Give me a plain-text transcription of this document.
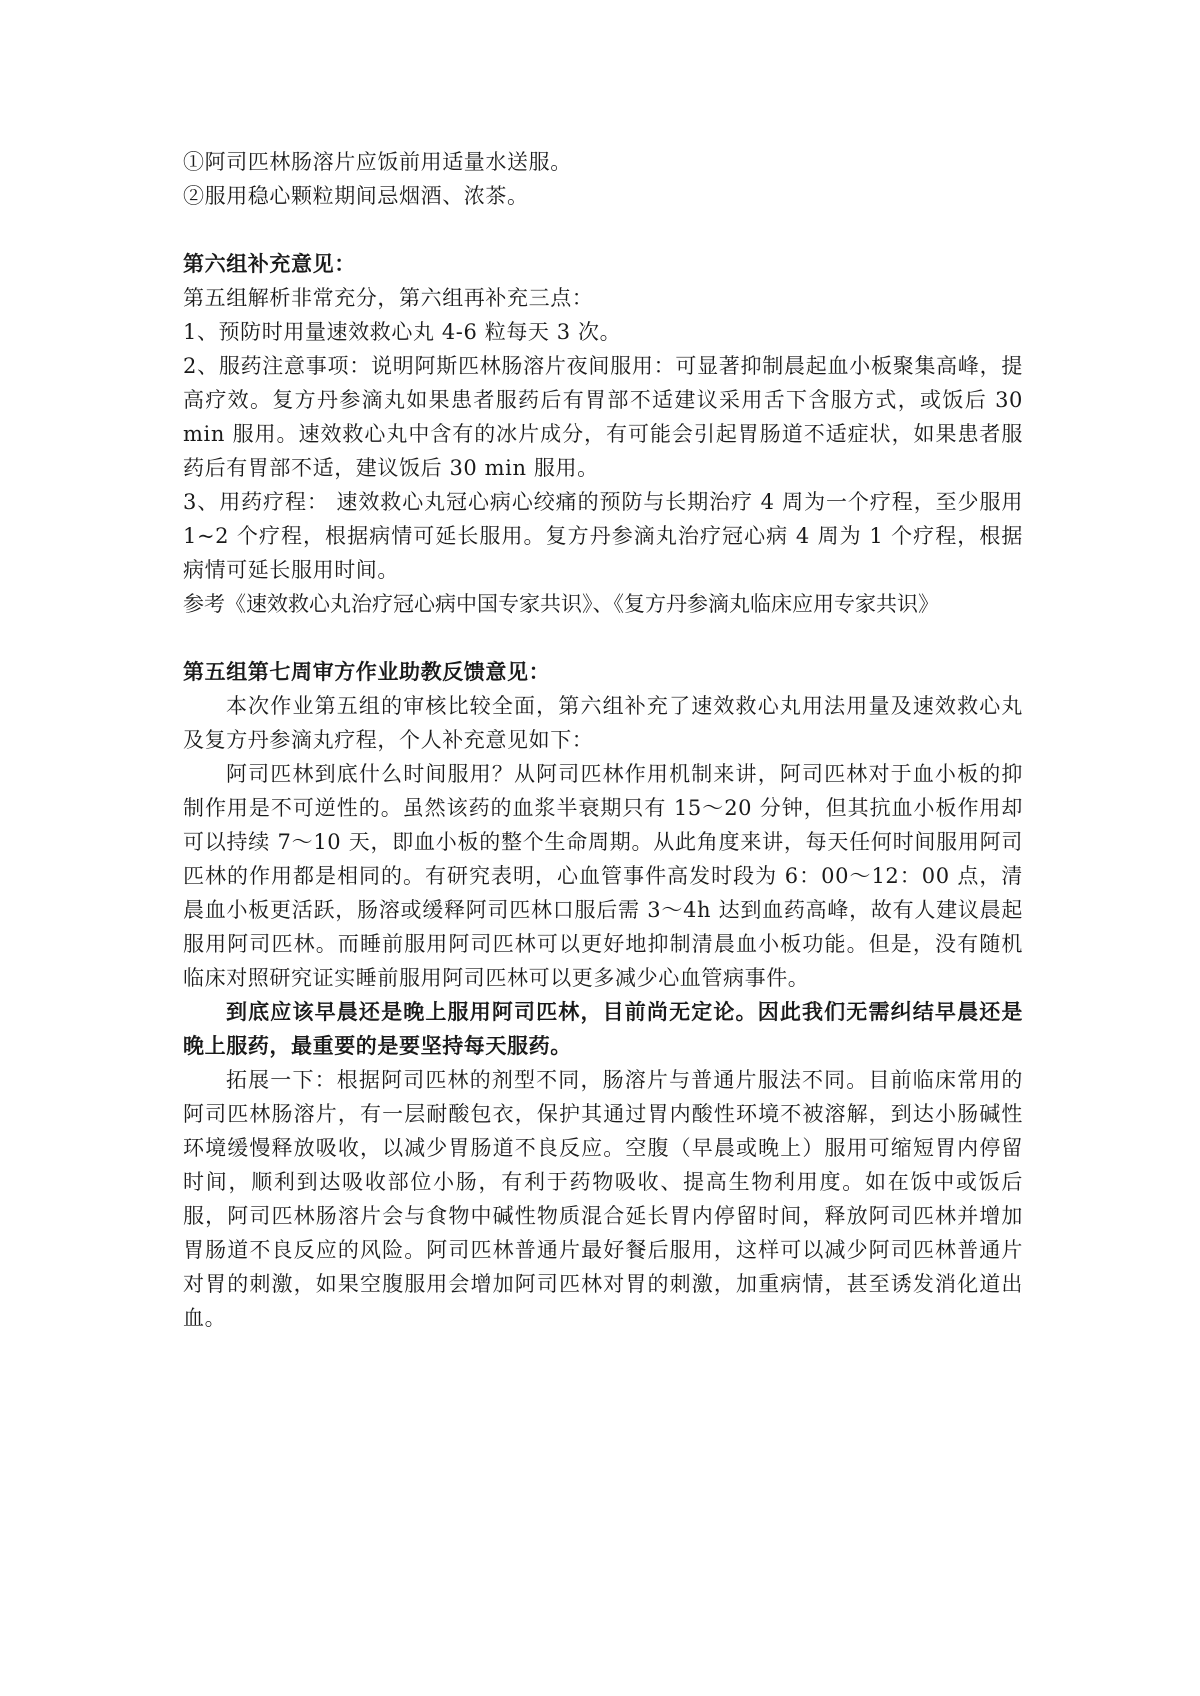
①阿司匹林肠溶片应饭前用适量水送服。

②服用稳心颗粒期间忌烟酒、浓茶。

第六组补充意见：

第五组解析非常充分，第六组再补充三点：

1、预防时用量速效救心丸 4-6 粒每天 3 次。

2、服药注意事项：说明阿斯匹林肠溶片夜间服用：可显著抑制晨起血小板聚集高峰，提高疗效。复方丹参滴丸如果患者服药后有胃部不适建议采用舌下含服方式，或饭后 30 min 服用。速效救心丸中含有的冰片成分，有可能会引起胃肠道不适症状，如果患者服药后有胃部不适，建议饭后 30 min 服用。

3、用药疗程： 速效救心丸冠心病心绞痛的预防与长期治疗 4 周为一个疗程，至少服用 1~2 个疗程，根据病情可延长服用。复方丹参滴丸治疗冠心病 4 周为 1 个疗程，根据病情可延长服用时间。

参考《速效救心丸治疗冠心病中国专家共识》、《复方丹参滴丸临床应用专家共识》

第五组第七周审方作业助教反馈意见：

本次作业第五组的审核比较全面，第六组补充了速效救心丸用法用量及速效救心丸及复方丹参滴丸疗程，个人补充意见如下：

阿司匹林到底什么时间服用？从阿司匹林作用机制来讲，阿司匹林对于血小板的抑制作用是不可逆性的。虽然该药的血浆半衰期只有 15～20 分钟，但其抗血小板作用却可以持续 7～10 天，即血小板的整个生命周期。从此角度来讲，每天任何时间服用阿司匹林的作用都是相同的。有研究表明，心血管事件高发时段为 6：00～12：00 点，清晨血小板更活跃，肠溶或缓释阿司匹林口服后需 3～4h 达到血药高峰，故有人建议晨起服用阿司匹林。而睡前服用阿司匹林可以更好地抑制清晨血小板功能。但是，没有随机临床对照研究证实睡前服用阿司匹林可以更多减少心血管病事件。

到底应该早晨还是晚上服用阿司匹林，目前尚无定论。因此我们无需纠结早晨还是晚上服药，最重要的是要坚持每天服药。

拓展一下：根据阿司匹林的剂型不同，肠溶片与普通片服法不同。目前临床常用的阿司匹林肠溶片，有一层耐酸包衣，保护其通过胃内酸性环境不被溶解，到达小肠碱性环境缓慢释放吸收，以减少胃肠道不良反应。空腹（早晨或晚上）服用可缩短胃内停留时间，顺利到达吸收部位小肠，有利于药物吸收、提高生物利用度。如在饭中或饭后服，阿司匹林肠溶片会与食物中碱性物质混合延长胃内停留时间，释放阿司匹林并增加胃肠道不良反应的风险。阿司匹林普通片最好餐后服用，这样可以减少阿司匹林普通片对胃的刺激，如果空腹服用会增加阿司匹林对胃的刺激，加重病情，甚至诱发消化道出血。
